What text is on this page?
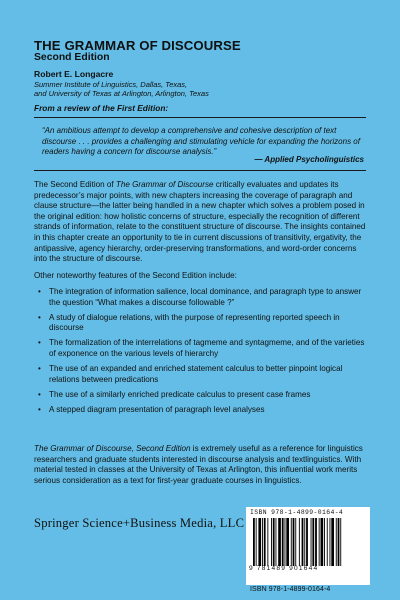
THE GRAMMAR OF DISCOURSE
Second Edition
Robert E. Longacre
Summer Institute of Linguistics, Dallas, Texas,
and University of Texas at Arlington, Arlington, Texas
From a review of the First Edition:
“An ambitious attempt to develop a comprehensive and cohesive description of text discourse . . . provides a challenging and stimulating vehicle for expanding the horizons of readers having a concern for discourse analysis.”
— Applied Psycholinguistics
The Second Edition of The Grammar of Discourse critically evaluates and updates its predecessor’s major points, with new chapters increasing the coverage of paragraph and clause structure—the latter being handled in a new chapter which solves a problem posed in the original edition: how holistic concerns of structure, especially the recognition of different strands of information, relate to the constituent structure of discourse. The insights contained in this chapter create an opportunity to tie in current discussions of transitivity, ergativity, the antipassive, agency hierarchy, order-preserving transformations, and word-order concerns into the structure of discourse.
Other noteworthy features of the Second Edition include:
• The integration of information salience, local dominance, and paragraph type to answer the question “What makes a discourse followable ?”
• A study of dialogue relations, with the purpose of representing reported speech in discourse
• The formalization of the interrelations of tagmeme and syntagmeme, and of the varieties of exponence on the various levels of hierarchy
• The use of an expanded and enriched statement calculus to better pinpoint logical relations between predications
• The use of a similarly enriched predicate calculus to present case frames
• A stepped diagram presentation of paragraph level analyses
The Grammar of Discourse, Second Edition is extremely useful as a reference for linguistics researchers and graduate students interested in discourse analysis and textlinguistics. With material tested in classes at the University of Texas at Arlington, this influential work merits serious consideration as a text for first-year graduate courses in linguistics.
Springer Science+Business Media, LLC
ISBN 978-1-4899-0164-4
9 781489 901644
ISBN 978-1-4899-0164-4
